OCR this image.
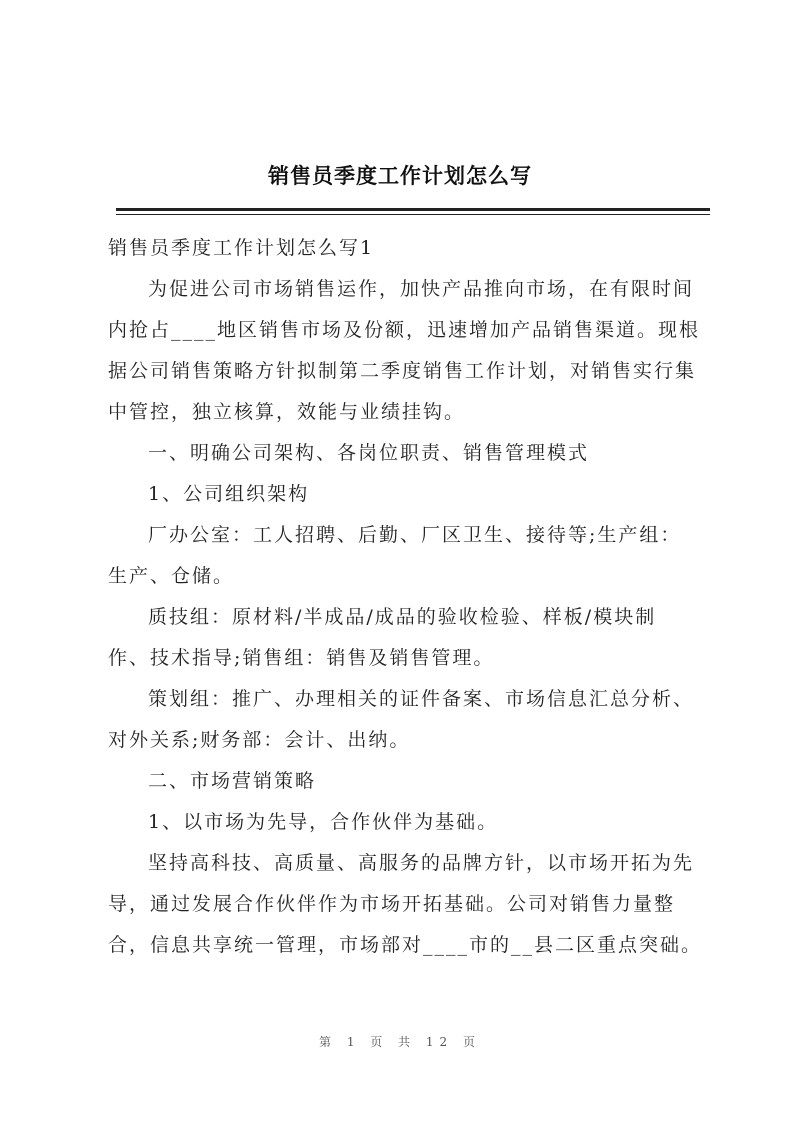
销售员季度工作计划怎么写

销售员季度工作计划怎么写1

为促进公司市场销售运作，加快产品推向市场，在有限时间

内抢占____地区销售市场及份额，迅速增加产品销售渠道。现根

据公司销售策略方针拟制第二季度销售工作计划，对销售实行集

中管控，独立核算，效能与业绩挂钩。

一、明确公司架构、各岗位职责、销售管理模式

1、公司组织架构

厂办公室：工人招聘、后勤、厂区卫生、接待等;生产组：

生产、仓储。

质技组：原材料/半成品/成品的验收检验、样板/模块制

作、技术指导;销售组：销售及销售管理。

策划组：推广、办理相关的证件备案、市场信息汇总分析、

对外关系;财务部：会计、出纳。

二、市场营销策略

1、以市场为先导，合作伙伴为基础。

坚持高科技、高质量、高服务的品牌方针，以市场开拓为先

导，通过发展合作伙伴作为市场开拓基础。公司对销售力量整

合，信息共享统一管理，市场部对____市的__县二区重点突础。

第 1 页 共 12 页
